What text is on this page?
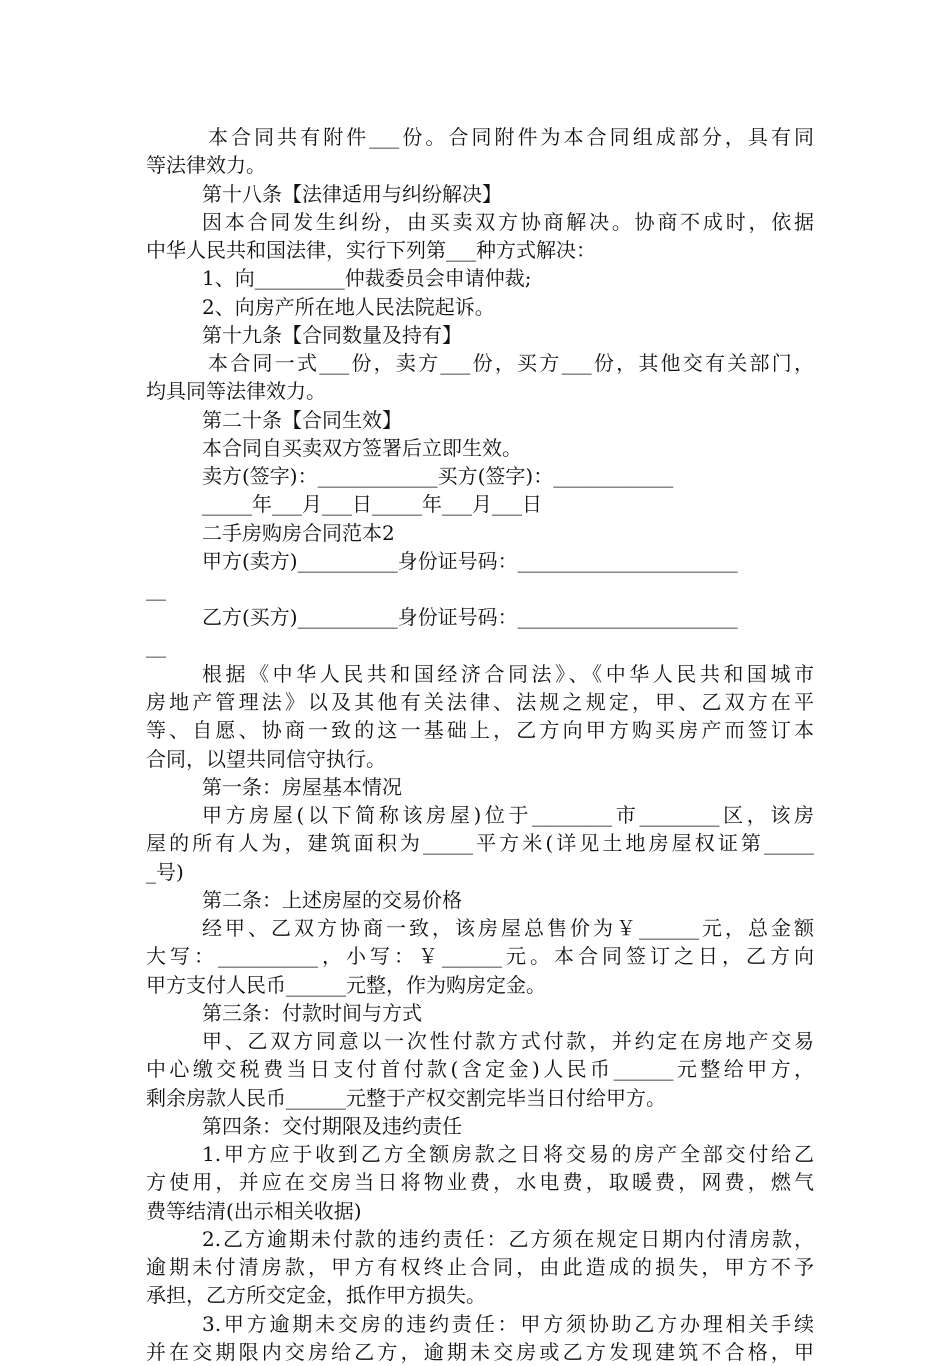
本合同共有附件___份。合同附件为本合同组成部分，具有同
等法律效力。
第十八条【法律适用与纠纷解决】
因本合同发生纠纷，由买卖双方协商解决。协商不成时，依据
中华人民共和国法律，实行下列第___种方式解决：
1、向_________仲裁委员会申请仲裁;
2、向房产所在地人民法院起诉。
第十九条【合同数量及持有】
本合同一式___份，卖方___份，买方___份，其他交有关部门，
均具同等法律效力。
第二十条【合同生效】
本合同自买卖双方签署后立即生效。
卖方(签字)：____________买方(签字)：____________
_____年___月___日_____年___月___日
二手房购房合同范本2
甲方(卖方)__________身份证号码：______________________
__
乙方(买方)__________身份证号码：______________________
__
根据《中华人民共和国经济合同法》、《中华人民共和国城市
房地产管理法》以及其他有关法律、法规之规定，甲、乙双方在平
等、自愿、协商一致的这一基础上，乙方向甲方购买房产而签订本
合同，以望共同信守执行。
第一条：房屋基本情况
甲方房屋(以下简称该房屋)位于________市________区，该房
屋的所有人为，建筑面积为_____平方米(详见土地房屋权证第_____
_号)
第二条：上述房屋的交易价格
经甲、乙双方协商一致，该房屋总售价为￥______元，总金额
大写：__________，小写：￥______元。本合同签订之日，乙方向
甲方支付人民币______元整，作为购房定金。
第三条：付款时间与方式
甲、乙双方同意以一次性付款方式付款，并约定在房地产交易
中心缴交税费当日支付首付款(含定金)人民币______元整给甲方，
剩余房款人民币______元整于产权交割完毕当日付给甲方。
第四条：交付期限及违约责任
1.甲方应于收到乙方全额房款之日将交易的房产全部交付给乙
方使用，并应在交房当日将物业费，水电费，取暖费，网费，燃气
费等结清(出示相关收据)
2.乙方逾期未付款的违约责任：乙方须在规定日期内付清房款，
逾期未付清房款，甲方有权终止合同，由此造成的损失，甲方不予
承担，乙方所交定金，抵作甲方损失。
3.甲方逾期未交房的违约责任：甲方须协助乙方办理相关手续
并在交期限内交房给乙方，逾期未交房或乙方发现建筑不合格，甲
